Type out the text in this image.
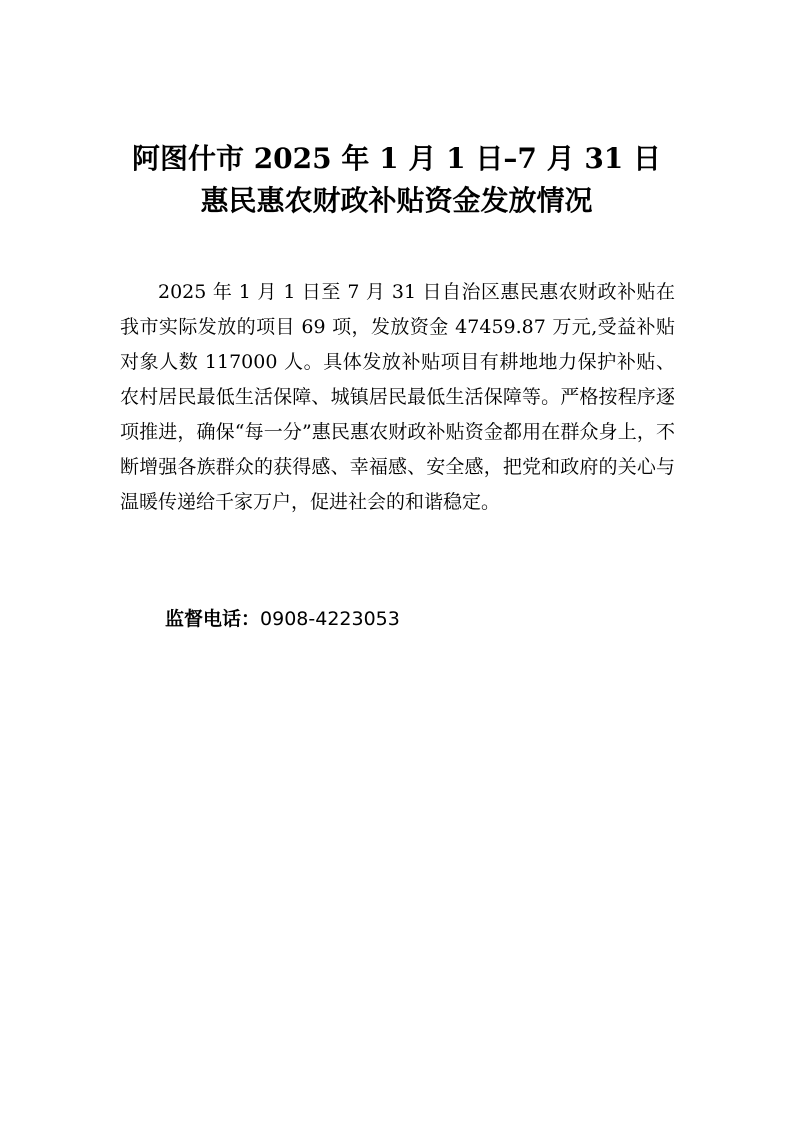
阿图什市 2025 年 1 月 1 日–7 月 31 日
惠民惠农财政补贴资金发放情况

2025 年 1 月 1 日至 7 月 31 日自治区惠民惠农财政补贴在我市实际发放的项目 69 项，发放资金 47459.87 万元,受益补贴对象人数 117000 人。具体发放补贴项目有耕地地力保护补贴、农村居民最低生活保障、城镇居民最低生活保障等。严格按程序逐项推进，确保“每一分”惠民惠农财政补贴资金都用在群众身上，不断增强各族群众的获得感、幸福感、安全感，把党和政府的关心与温暖传递给千家万户，促进社会的和谐稳定。

监督电话：0908-4223053
